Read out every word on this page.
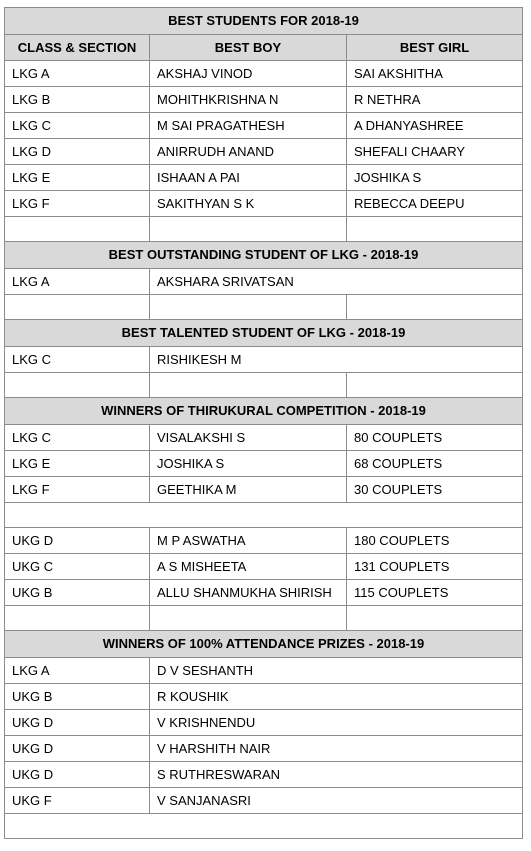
BEST STUDENTS FOR 2018-19		
CLASS & SECTION	BEST BOY	BEST GIRL
LKG A	AKSHAJ VINOD	SAI AKSHITHA
LKG B	MOHITHKRISHNA N	R NETHRA
LKG C	M SAI PRAGATHESH	A DHANYASHREE
LKG D	ANIRRUDH ANAND	SHEFALI CHAARY
LKG E	ISHAAN A PAI	JOSHIKA S
LKG F	SAKITHYAN S K	REBECCA DEEPU

BEST OUTSTANDING STUDENT OF LKG - 2018-19		
LKG A	AKSHARA SRIVATSAN	

BEST TALENTED STUDENT OF LKG - 2018-19		
LKG C	RISHIKESH M	

WINNERS OF THIRUKURAL COMPETITION - 2018-19		
LKG C	VISALAKSHI S	80 COUPLETS
LKG E	JOSHIKA S	68 COUPLETS
LKG F	GEETHIKA M	30 COUPLETS

UKG D	M P ASWATHA	180 COUPLETS
UKG C	A S MISHEETA	131 COUPLETS
UKG B	ALLU SHANMUKHA SHIRISH	115 COUPLETS

WINNERS OF 100% ATTENDANCE PRIZES - 2018-19		
LKG A	D V SESHANTH	
UKG B	R KOUSHIK	
UKG D	V KRISHNENDU	
UKG D	V HARSHITH NAIR	
UKG D	S RUTHRESWARAN	
UKG F	V SANJANASRI	
